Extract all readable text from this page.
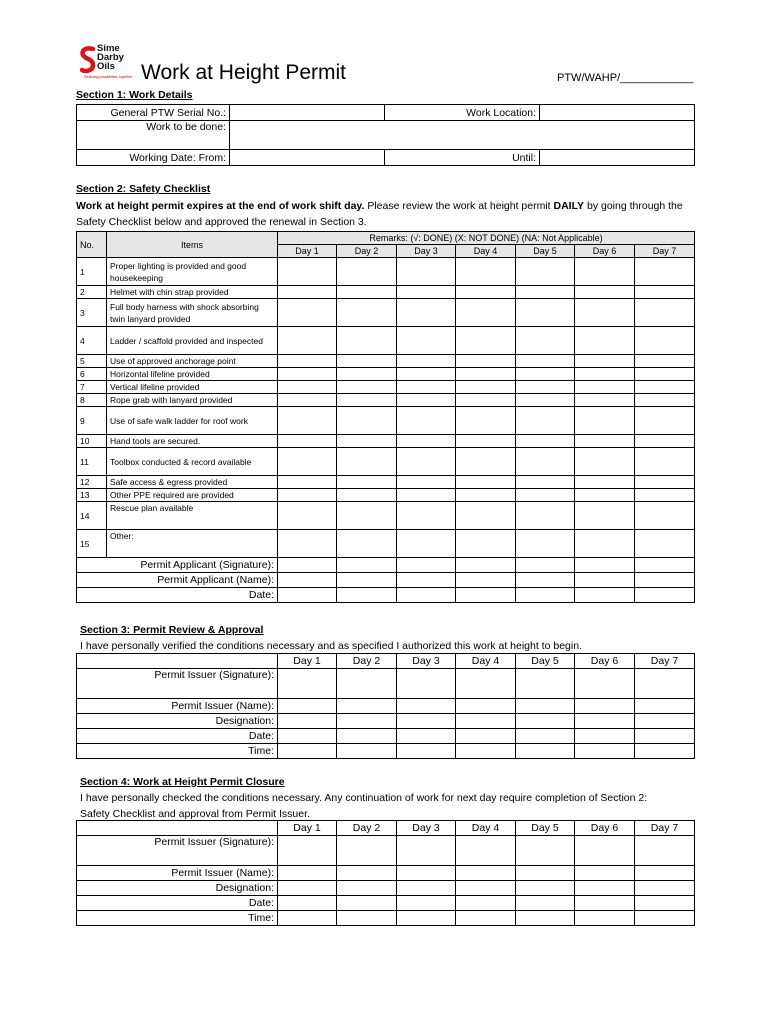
Sime
Darby
Oils
Realising possibilities, together Work at Height Permit	PTW/WAHP/____________
Section 1: Work Details
General PTW Serial No.:		Work Location:	
Work to be done:			
Working Date: From:		Until:	
Section 2: Safety Checklist
Work at height permit expires at the end of work shift day. Please review the work at height permit DAILY by going through the
Safety Checklist below and approved the renewal in Section 3.
No.	Items	Remarks: (√: DONE) (X: NOT DONE) (NA: Not Applicable)						
		Day 1	Day 2	Day 3	Day 4	Day 5	Day 6	Day 7
1	Proper lighting is provided and good housekeeping							
2	Helmet with chin strap provided							
3	Full body harness with shock absorbing twin lanyard provided							
4	Ladder / scaffold provided and inspected							
5	Use of approved anchorage point							
6	Horizontal lifeline provided							
7	Vertical lifeline provided							
8	Rope grab with lanyard provided							
9	Use of safe walk ladder for roof work							
10	Hand tools are secured.							
11	Toolbox conducted & record available							
12	Safe access & egress provided							
13	Other PPE required are provided							
14	Rescue plan available							
15	Other:							
Permit Applicant (Signature):								
Permit Applicant (Name):								
Date:								
Section 3: Permit Review & Approval
I have personally verified the conditions necessary and as specified I authorized this work at height to begin.
	Day 1	Day 2	Day 3	Day 4	Day 5	Day 6	Day 7
Permit Issuer (Signature):							
Permit Issuer (Name):							
Designation:							
Date:							
Time:							
Section 4: Work at Height Permit Closure
I have personally checked the conditions necessary. Any continuation of work for next day require completion of Section 2:
Safety Checklist and approval from Permit Issuer.
	Day 1	Day 2	Day 3	Day 4	Day 5	Day 6	Day 7
Permit Issuer (Signature):							
Permit Issuer (Name):							
Designation:							
Date:							
Time:							
